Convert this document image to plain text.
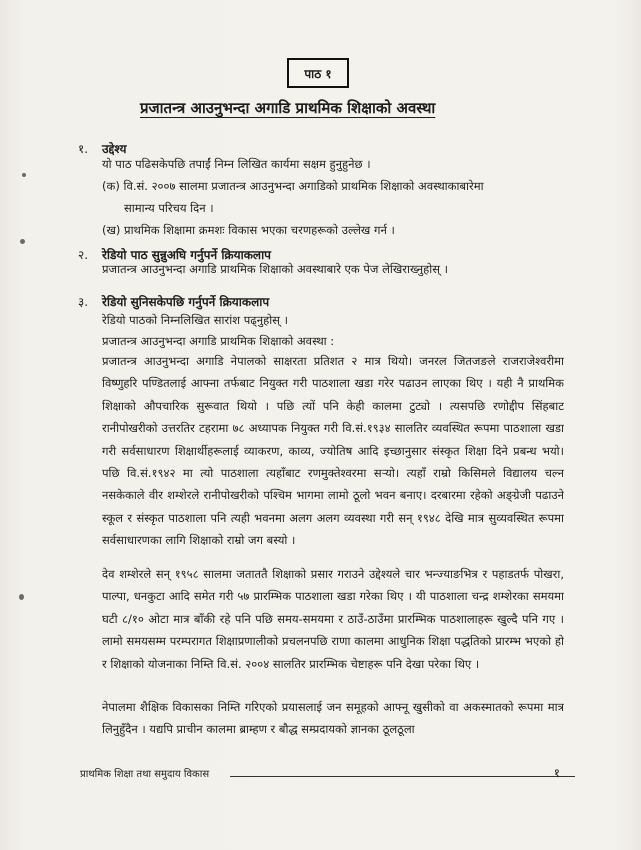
पाठ १
प्रजातन्त्र आउनुभन्दा अगाडि प्राथमिक शिक्षाको अवस्था
१. उद्देश्य
यो पाठ पढिसकेपछि तपाईं निम्न लिखित कार्यमा सक्षम हुनुहुनेछ ।
(क) वि.सं. २००७ सालमा प्रजातन्त्र आउनुभन्दा अगाडिको प्राथमिक शिक्षाको अवस्थाकाबारेमा
सामान्य परिचय दिन ।
(ख) प्राथमिक शिक्षामा क्रमशः विकास भएका चरणहरूको उल्लेख गर्न ।
२. रेडियो पाठ सुन्नुअघि गर्नुपर्ने क्रियाकलाप
प्रजातन्त्र आउनुभन्दा अगाडि प्राथमिक शिक्षाको अवस्थाबारे एक पेज लेखिराख्नुहोस् ।
३. रेडियो सुनिसकेपछि गर्नुपर्ने क्रियाकलाप
रेडियो पाठको निम्नलिखित सारांश पढ्नुहोस् ।
प्रजातन्त्र आउनुभन्दा अगाडि प्राथमिक शिक्षाको अवस्था :

प्रजातन्त्र आउनुभन्दा अगाडि नेपालको साक्षरता प्रतिशत २ मात्र थियो। जनरल जितजङले राजराजेश्वरीमा विष्णुहरि पण्डितलाई आफ्ना तर्फबाट नियुक्त गरी पाठशाला खडा गरेर पढाउन लाएका थिए । यही नै प्राथमिक शिक्षाको औपचारिक सुरूवात थियो । पछि त्यों पनि केही कालमा टुट्यो । त्यसपछि रणोद्दीप सिंहबाट रानीपोखरीको उत्तरतिर टहरामा ७८ अध्यापक नियुक्त गरी वि.सं.१९३४ सालतिर व्यवस्थित रूपमा पाठशाला खडा गरी सर्वसाधारण शिक्षार्थीहरूलाई व्याकरण, काव्य, ज्योतिष आदि इच्छानुसार संस्कृत शिक्षा दिने प्रबन्ध भयो। पछि वि.सं.१९४२ मा त्यो पाठशाला त्यहाँबाट रणमुक्तेश्वरमा सऱ्यो। त्यहाँ राम्रो किसिमले विद्यालय चल्न नसकेकाले वीर शम्शेरले रानीपोखरीको पश्चिम भागमा लामो ठूलो भवन बनाए। दरबारमा रहेको अङ्ग्रेजी पढाउने स्कूल र संस्कृत पाठशाला पनि त्यही भवनमा अलग अलग व्यवस्था गरी सन् १९४८ देखि मात्र सुव्यवस्थित रूपमा सर्वसाधारणका लागि शिक्षाको राम्रो जग बस्यो ।

देव शम्शेरले सन् १९५८ सालमा जताततै शिक्षाको प्रसार गराउने उद्देश्यले चार भन्ज्याङभित्र र पहाडतर्फ पोखरा, पाल्पा, धनकुटा आदि समेत गरी ५७ प्रारम्भिक पाठशाला खडा गरेका थिए । यी पाठशाला चन्द्र शम्शेरका समयमा घटी ८/१० ओटा मात्र बाँकी रहे पनि पछि समय-समयमा र ठाउँ-ठाउँमा प्रारम्भिक पाठशालाहरू खुल्दै पनि गए । लामो समयसम्म परम्परागत शिक्षाप्रणालीको प्रचलनपछि राणा कालमा आधुनिक शिक्षा पद्धतिको प्रारम्भ भएको हो र शिक्षाको योजनाका निम्ति वि.सं. २००४ सालतिर प्रारम्भिक चेष्टाहरू पनि देखा परेका थिए ।

नेपालमा शैक्षिक विकासका निम्ति गरिएको प्रयासलाई जन समूहको आफ्नू खुसीको वा अकस्मातको रूपमा मात्र लिनुहुँदैन । यद्यपि प्राचीन कालमा ब्राम्हण र बौद्ध सम्प्रदायको ज्ञानका ठूलठूला

प्राथमिक शिक्षा तथा समुदाय विकास	१
